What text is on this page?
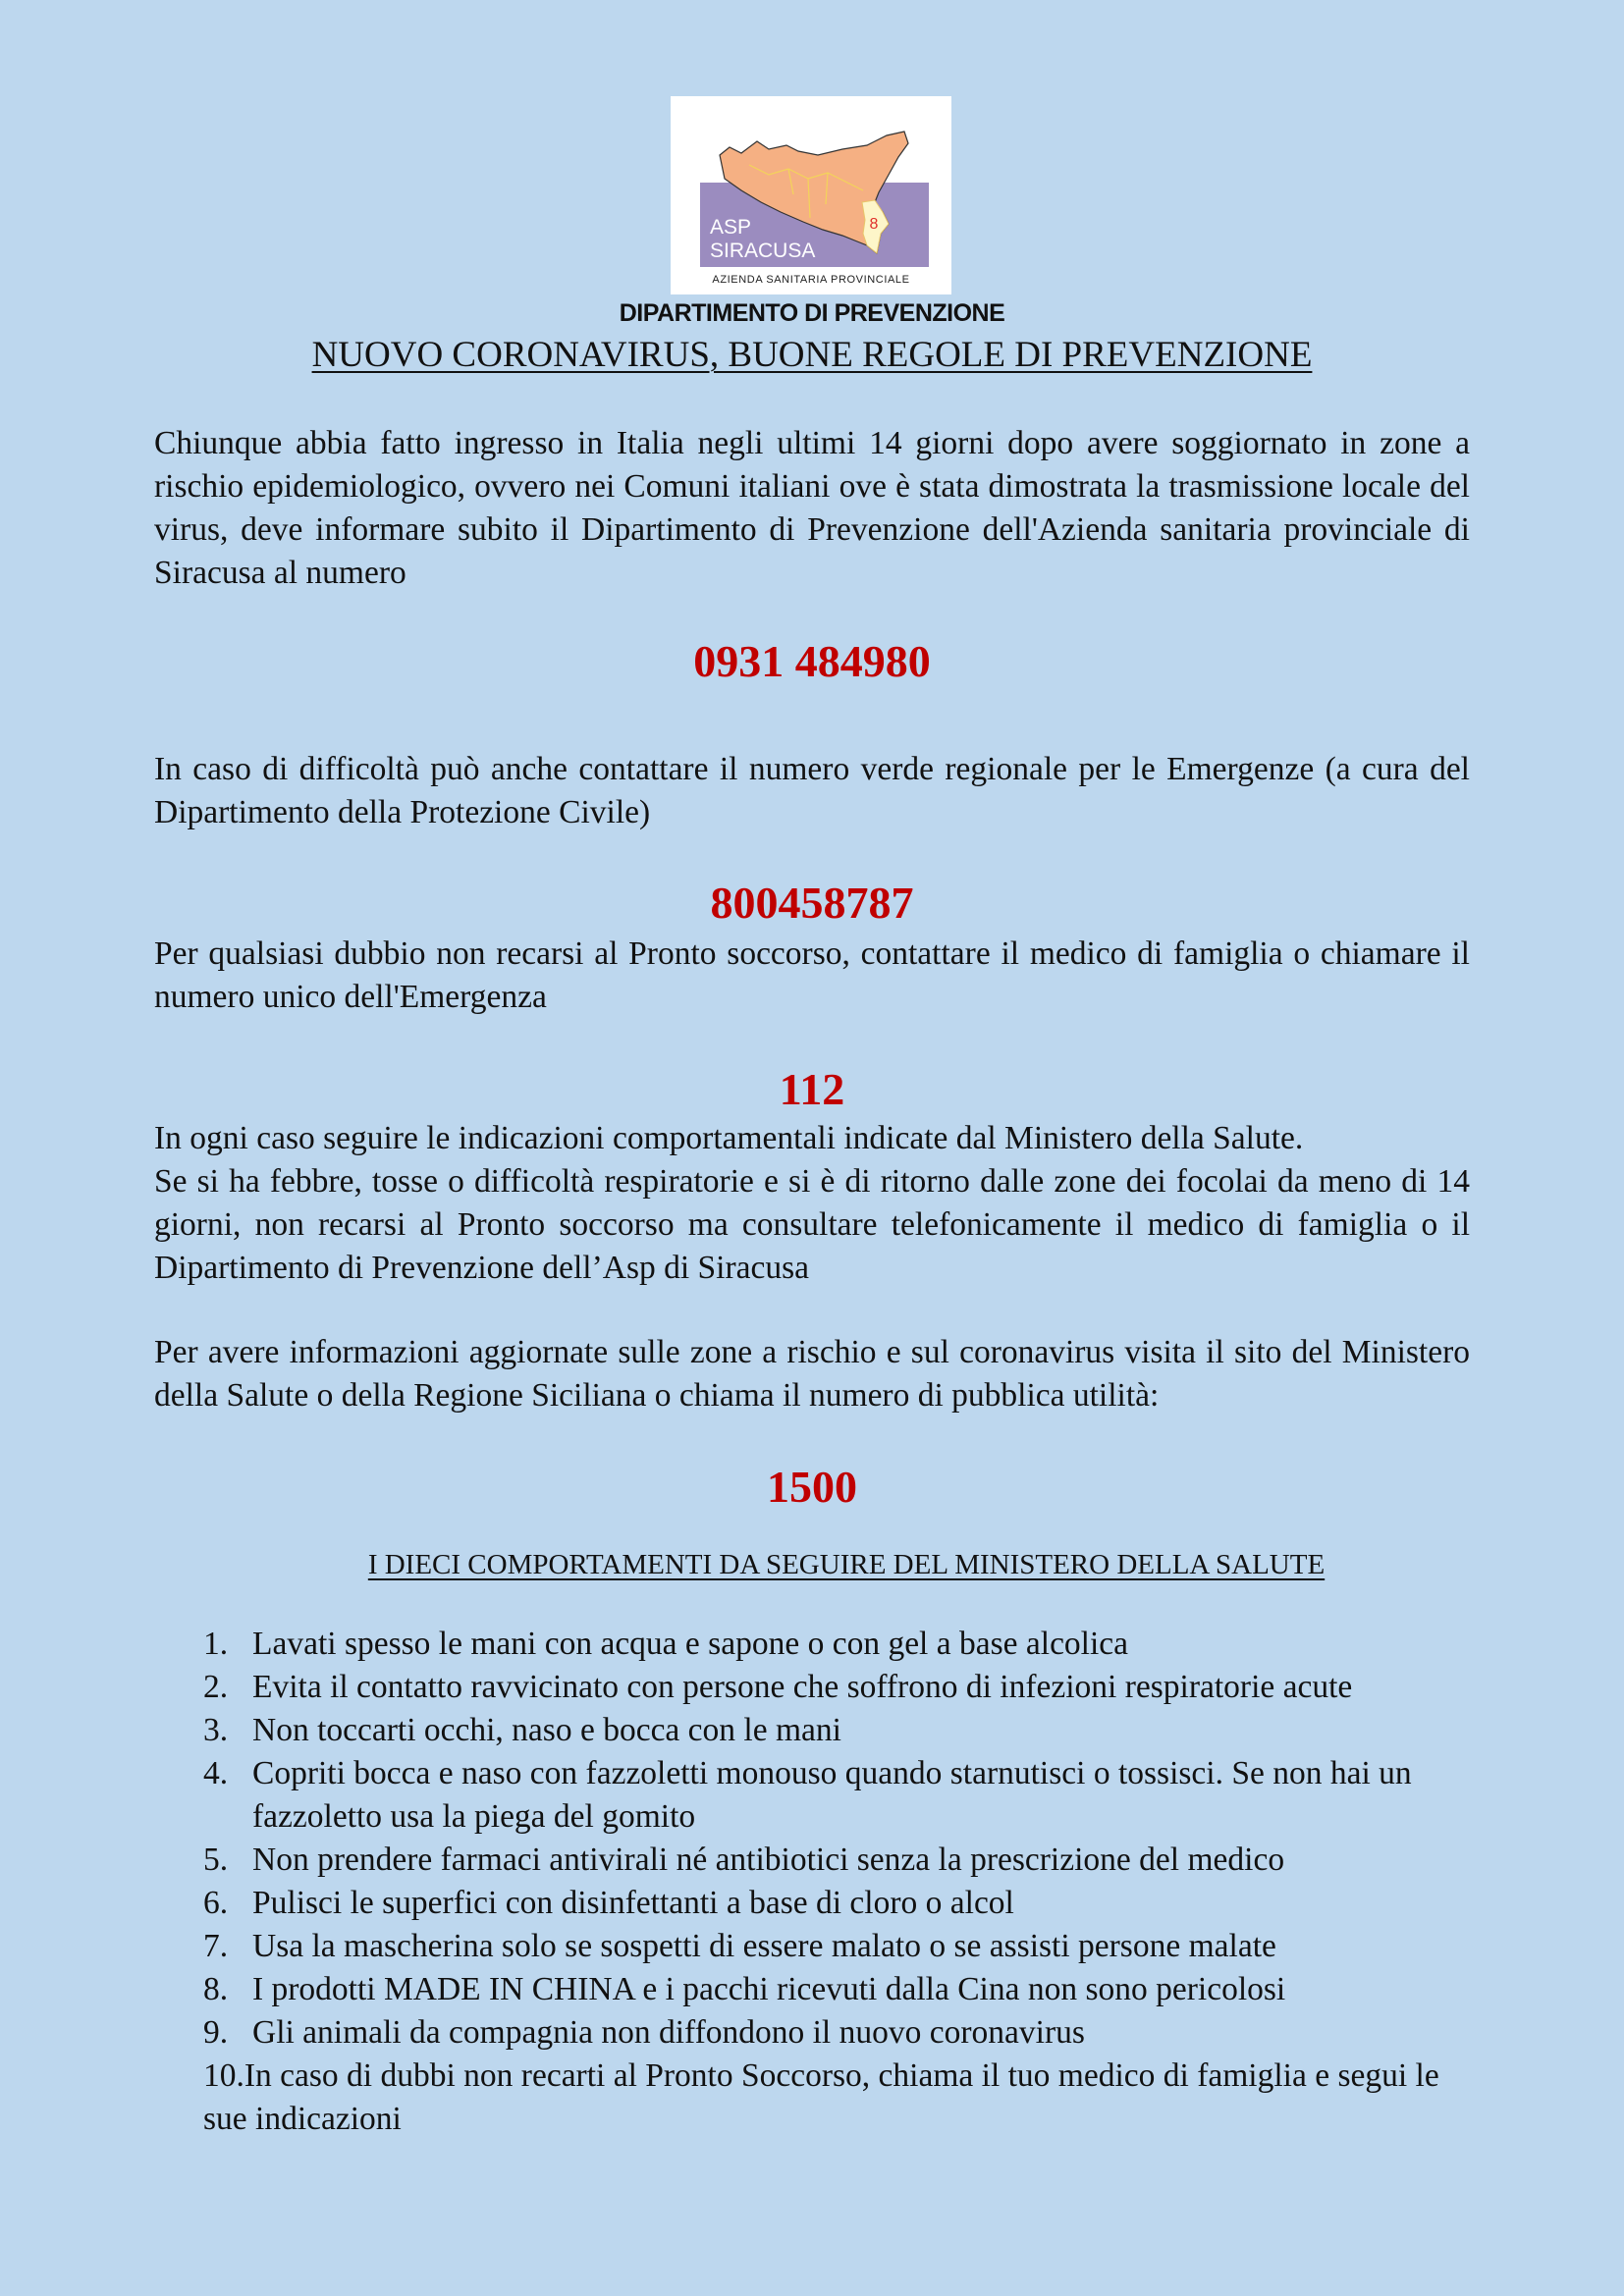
8
ASP
SIRACUSA
AZIENDA SANITARIA PROVINCIALE
DIPARTIMENTO DI PREVENZIONE
NUOVO CORONAVIRUS, BUONE REGOLE DI PREVENZIONE
Chiunque abbia fatto ingresso in Italia negli ultimi 14 giorni dopo avere soggiornato in zone a rischio epidemiologico, ovvero nei Comuni italiani ove è stata dimostrata la trasmissione locale del virus, deve informare subito il Dipartimento di Prevenzione dell'Azienda sanitaria provinciale di Siracusa al numero
0931 484980
In caso di difficoltà può anche contattare il numero verde regionale per le Emergenze (a cura del Dipartimento della Protezione Civile)
800458787
Per qualsiasi dubbio non recarsi al Pronto soccorso, contattare il medico di famiglia o chiamare il numero unico dell'Emergenza
112
In ogni caso seguire le indicazioni comportamentali indicate dal Ministero della Salute.
Se si ha febbre, tosse o difficoltà respiratorie e si è di ritorno dalle zone dei focolai da meno di 14 giorni, non recarsi al Pronto soccorso ma consultare telefonicamente il medico di famiglia o il Dipartimento di Prevenzione dell’Asp di Siracusa
Per avere informazioni aggiornate sulle zone a rischio e sul coronavirus visita il sito del Ministero della Salute o della Regione Siciliana o chiama il numero di pubblica utilità:
1500
I DIECI COMPORTAMENTI DA SEGUIRE DEL MINISTERO DELLA SALUTE
1. Lavati spesso le mani con acqua e sapone o con gel a base alcolica
2. Evita il contatto ravvicinato con persone che soffrono di infezioni respiratorie acute
3. Non toccarti occhi, naso e bocca con le mani
4. Copriti bocca e naso con fazzoletti monouso quando starnutisci o tossisci. Se non hai un fazzoletto usa la piega del gomito
5. Non prendere farmaci antivirali né antibiotici senza la prescrizione del medico
6. Pulisci le superfici con disinfettanti a base di cloro o alcol
7. Usa la mascherina solo se sospetti di essere malato o se assisti persone malate
8. I prodotti MADE IN CHINA e i pacchi ricevuti dalla Cina non sono pericolosi
9. Gli animali da compagnia non diffondono il nuovo coronavirus
10.In caso di dubbi non recarti al Pronto Soccorso, chiama il tuo medico di famiglia e segui le sue indicazioni
